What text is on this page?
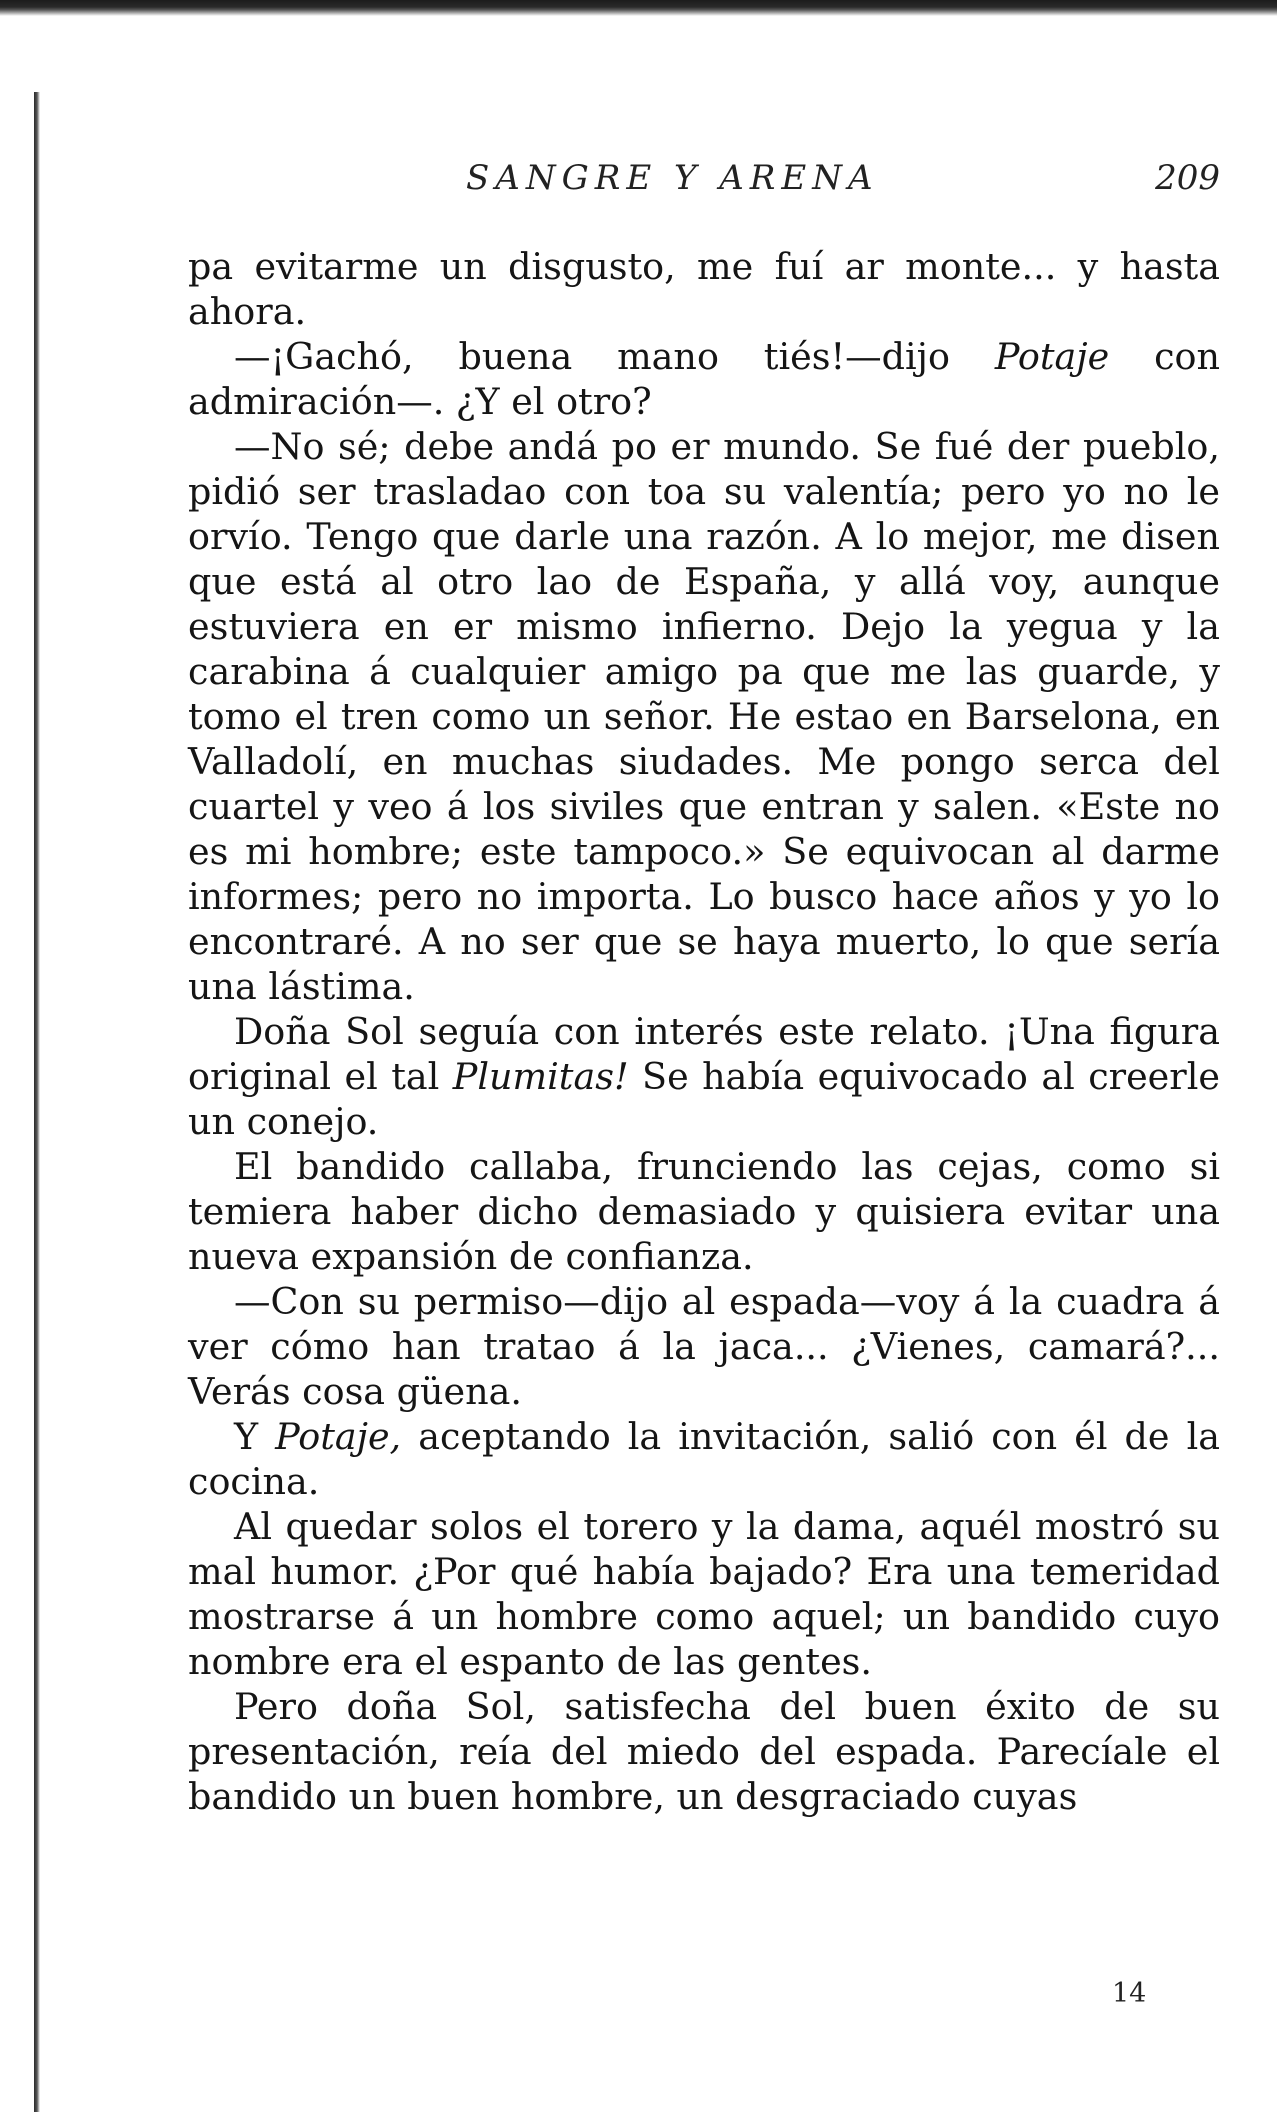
SANGRE Y ARENA	209

pa evitarme un disgusto, me fuí ar monte... y hasta ahora.

—¡Gachó, buena mano tiés!—dijo Potaje con admiración—. ¿Y el otro?

—No sé; debe andá po er mundo. Se fué der pueblo, pidió ser trasladao con toa su valentía; pero yo no le orvío. Tengo que darle una razón. A lo mejor, me disen que está al otro lao de España, y allá voy, aunque estuviera en er mismo infierno. Dejo la yegua y la carabina á cualquier amigo pa que me las guarde, y tomo el tren como un señor. He estao en Barselona, en Valladolí, en muchas siudades. Me pongo serca del cuartel y veo á los siviles que entran y salen. «Este no es mi hombre; este tampoco.» Se equivocan al darme informes; pero no importa. Lo busco hace años y yo lo encontraré. A no ser que se haya muerto, lo que sería una lástima.

Doña Sol seguía con interés este relato. ¡Una figura original el tal Plumitas! Se había equivocado al creerle un conejo.

El bandido callaba, frunciendo las cejas, como si temiera haber dicho demasiado y quisiera evitar una nueva expansión de confianza.

—Con su permiso—dijo al espada—voy á la cuadra á ver cómo han tratao á la jaca... ¿Vienes, camará?... Verás cosa güena.

Y Potaje, aceptando la invitación, salió con él de la cocina.

Al quedar solos el torero y la dama, aquél mostró su mal humor. ¿Por qué había bajado? Era una temeridad mostrarse á un hombre como aquel; un bandido cuyo nombre era el espanto de las gentes.

Pero doña Sol, satisfecha del buen éxito de su presentación, reía del miedo del espada. Parecíale el bandido un buen hombre, un desgraciado cuyas

14
